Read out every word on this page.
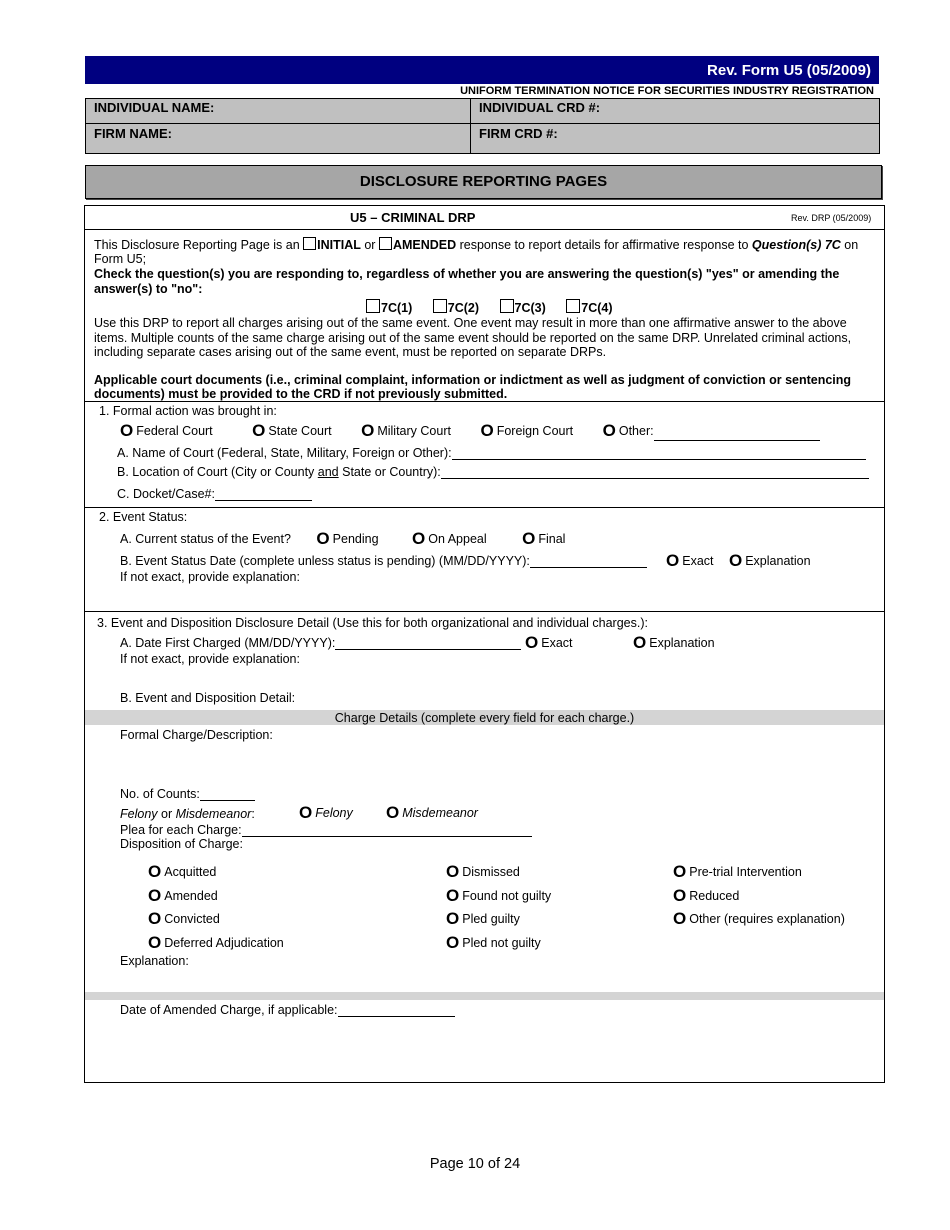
Rev. Form U5 (05/2009)
UNIFORM TERMINATION NOTICE FOR SECURITIES INDUSTRY REGISTRATION
INDIVIDUAL NAME:	INDIVIDUAL CRD #:
FIRM NAME:	FIRM CRD #:
DISCLOSURE REPORTING PAGES
U5 – CRIMINAL DRP	Rev. DRP (05/2009)
This Disclosure Reporting Page is an INITIAL or AMENDED response to report details for affirmative response to Question(s) 7C on
Form U5;
Check the question(s) you are responding to, regardless of whether you are answering the question(s) "yes" or amending the
answer(s) to "no":
7C(1)	7C(2)	7C(3)	7C(4)
Use this DRP to report all charges arising out of the same event. One event may result in more than one affirmative answer to the above
items. Multiple counts of the same charge arising out of the same event should be reported on the same DRP. Unrelated criminal actions,
including separate cases arising out of the same event, must be reported on separate DRPs.
Applicable court documents (i.e., criminal complaint, information or indictment as well as judgment of conviction or sentencing
documents) must be provided to the CRD if not previously submitted.
1. Formal action was brought in:
O Federal Court O State Court O Military Court O Foreign Court O Other:
A. Name of Court (Federal, State, Military, Foreign or Other):
B. Location of Court (City or County and State or Country):
C. Docket/Case#:
2. Event Status:
A. Current status of the Event? O Pending O On Appeal O Final
B. Event Status Date (complete unless status is pending) (MM/DD/YYYY):	O Exact O Explanation
If not exact, provide explanation:
3. Event and Disposition Disclosure Detail (Use this for both organizational and individual charges.):
A. Date First Charged (MM/DD/YYYY):	O Exact	O Explanation
If not exact, provide explanation:
B. Event and Disposition Detail:
Charge Details (complete every field for each charge.)
Formal Charge/Description:
No. of Counts:
Felony or Misdemeanor:	O Felony O Misdemeanor
Plea for each Charge:
Disposition of Charge:
O Acquitted	O Dismissed	O Pre-trial Intervention
O Amended	O Found not guilty	O Reduced
O Convicted	O Pled guilty	O Other (requires explanation)
O Deferred Adjudication	O Pled not guilty
Explanation:
Date of Amended Charge, if applicable:
Page 10 of 24
